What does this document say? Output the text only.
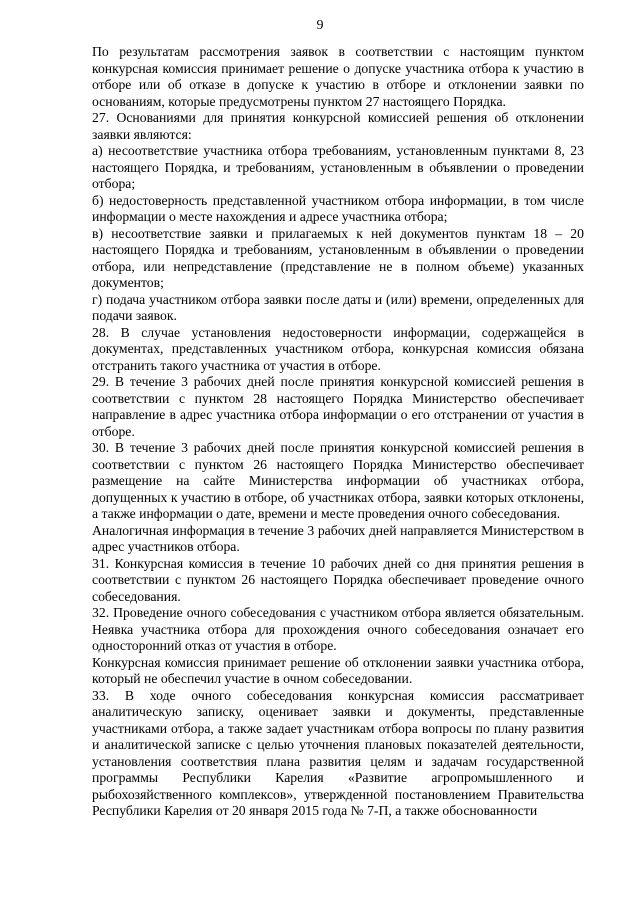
9

По результатам рассмотрения заявок в соответствии с настоящим пунктом конкурсная комиссия принимает решение о допуске участника отбора к участию в отборе или об отказе в допуске к участию в отборе и отклонении заявки по основаниям, которые предусмотрены пунктом 27 настоящего Порядка.

27. Основаниями для принятия конкурсной комиссией решения об отклонении заявки являются:

а) несоответствие участника отбора требованиям, установленным пунктами 8, 23 настоящего Порядка, и требованиям, установленным в объявлении о проведении отбора;

б) недостоверность представленной участником отбора информации, в том числе информации о месте нахождения и адресе участника отбора;

в) несоответствие заявки и прилагаемых к ней документов пунктам 18 – 20 настоящего Порядка и требованиям, установленным в объявлении о проведении отбора, или непредставление (представление не в полном объеме) указанных документов;

г) подача участником отбора заявки после даты и (или) времени, определенных для подачи заявок.

28. В случае установления недостоверности информации, содержащейся в документах, представленных участником отбора, конкурсная комиссия обязана отстранить такого участника от участия в отборе.

29. В течение 3 рабочих дней после принятия конкурсной комиссией решения в соответствии с пунктом 28 настоящего Порядка Министерство обеспечивает направление в адрес участника отбора информации о его отстранении от участия в отборе.

30. В течение 3 рабочих дней после принятия конкурсной комиссией решения в соответствии с пунктом 26 настоящего Порядка Министерство обеспечивает размещение на сайте Министерства информации об участниках отбора, допущенных к участию в отборе, об участниках отбора, заявки которых отклонены, а также информации о дате, времени и месте проведения очного собеседования.

Аналогичная информация в течение 3 рабочих дней направляется Министерством в адрес участников отбора.

31. Конкурсная комиссия в течение 10 рабочих дней со дня принятия решения в соответствии с пунктом 26 настоящего Порядка обеспечивает проведение очного собеседования.

32. Проведение очного собеседования с участником отбора является обязательным. Неявка участника отбора для прохождения очного собеседования означает его односторонний отказ от участия в отборе.

Конкурсная комиссия принимает решение об отклонении заявки участника отбора, который не обеспечил участие в очном собеседовании.

33. В ходе очного собеседования конкурсная комиссия рассматривает аналитическую записку, оценивает заявки и документы, представленные участниками отбора, а также задает участникам отбора вопросы по плану развития и аналитической записке с целью уточнения плановых показателей деятельности, установления соответствия плана развития целям и задачам государственной программы Республики Карелия «Развитие агропромышленного и рыбохозяйственного комплексов», утвержденной постановлением Правительства Республики Карелия от 20 января 2015 года № 7-П, а также обоснованности
